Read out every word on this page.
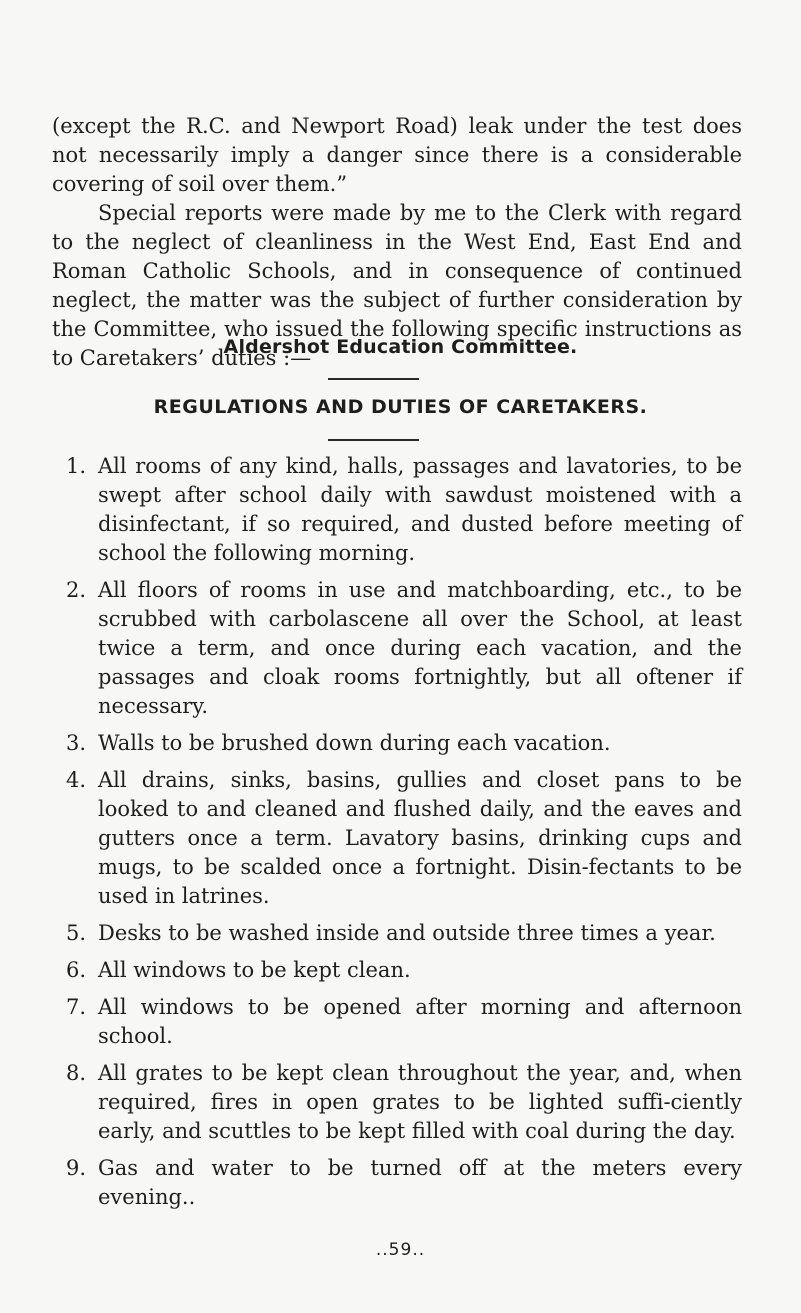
(except the R.C. and Newport Road) leak under the test does not necessarily imply a danger since there is a considerable covering of soil over them.”

Special reports were made by me to the Clerk with regard to the neglect of cleanliness in the West End, East End and Roman Catholic Schools, and in consequence of continued neglect, the matter was the subject of further consideration by the Committee, who issued the following specific instructions as to Caretakers’ duties :—

Aldershot Education Committee.
REGULATIONS AND DUTIES OF CARETAKERS.
1. All rooms of any kind, halls, passages and lavatories, to be swept after school daily with sawdust moistened with a disinfectant, if so required, and dusted before meeting of school the following morning.
2. All floors of rooms in use and matchboarding, etc., to be scrubbed with carbolascene all over the School, at least twice a term, and once during each vacation, and the passages and cloak rooms fortnightly, but all oftener if necessary.
3. Walls to be brushed down during each vacation.
4. All drains, sinks, basins, gullies and closet pans to be looked to and cleaned and flushed daily, and the eaves and gutters once a term. Lavatory basins, drinking cups and mugs, to be scalded once a fortnight. Disin-fectants to be used in latrines.
5. Desks to be washed inside and outside three times a year.
6. All windows to be kept clean.
7. All windows to be opened after morning and afternoon school.
8. All grates to be kept clean throughout the year, and, when required, fires in open grates to be lighted suffi-ciently early, and scuttles to be kept filled with coal during the day.
9. Gas and water to be turned off at the meters every evening..

..59..
